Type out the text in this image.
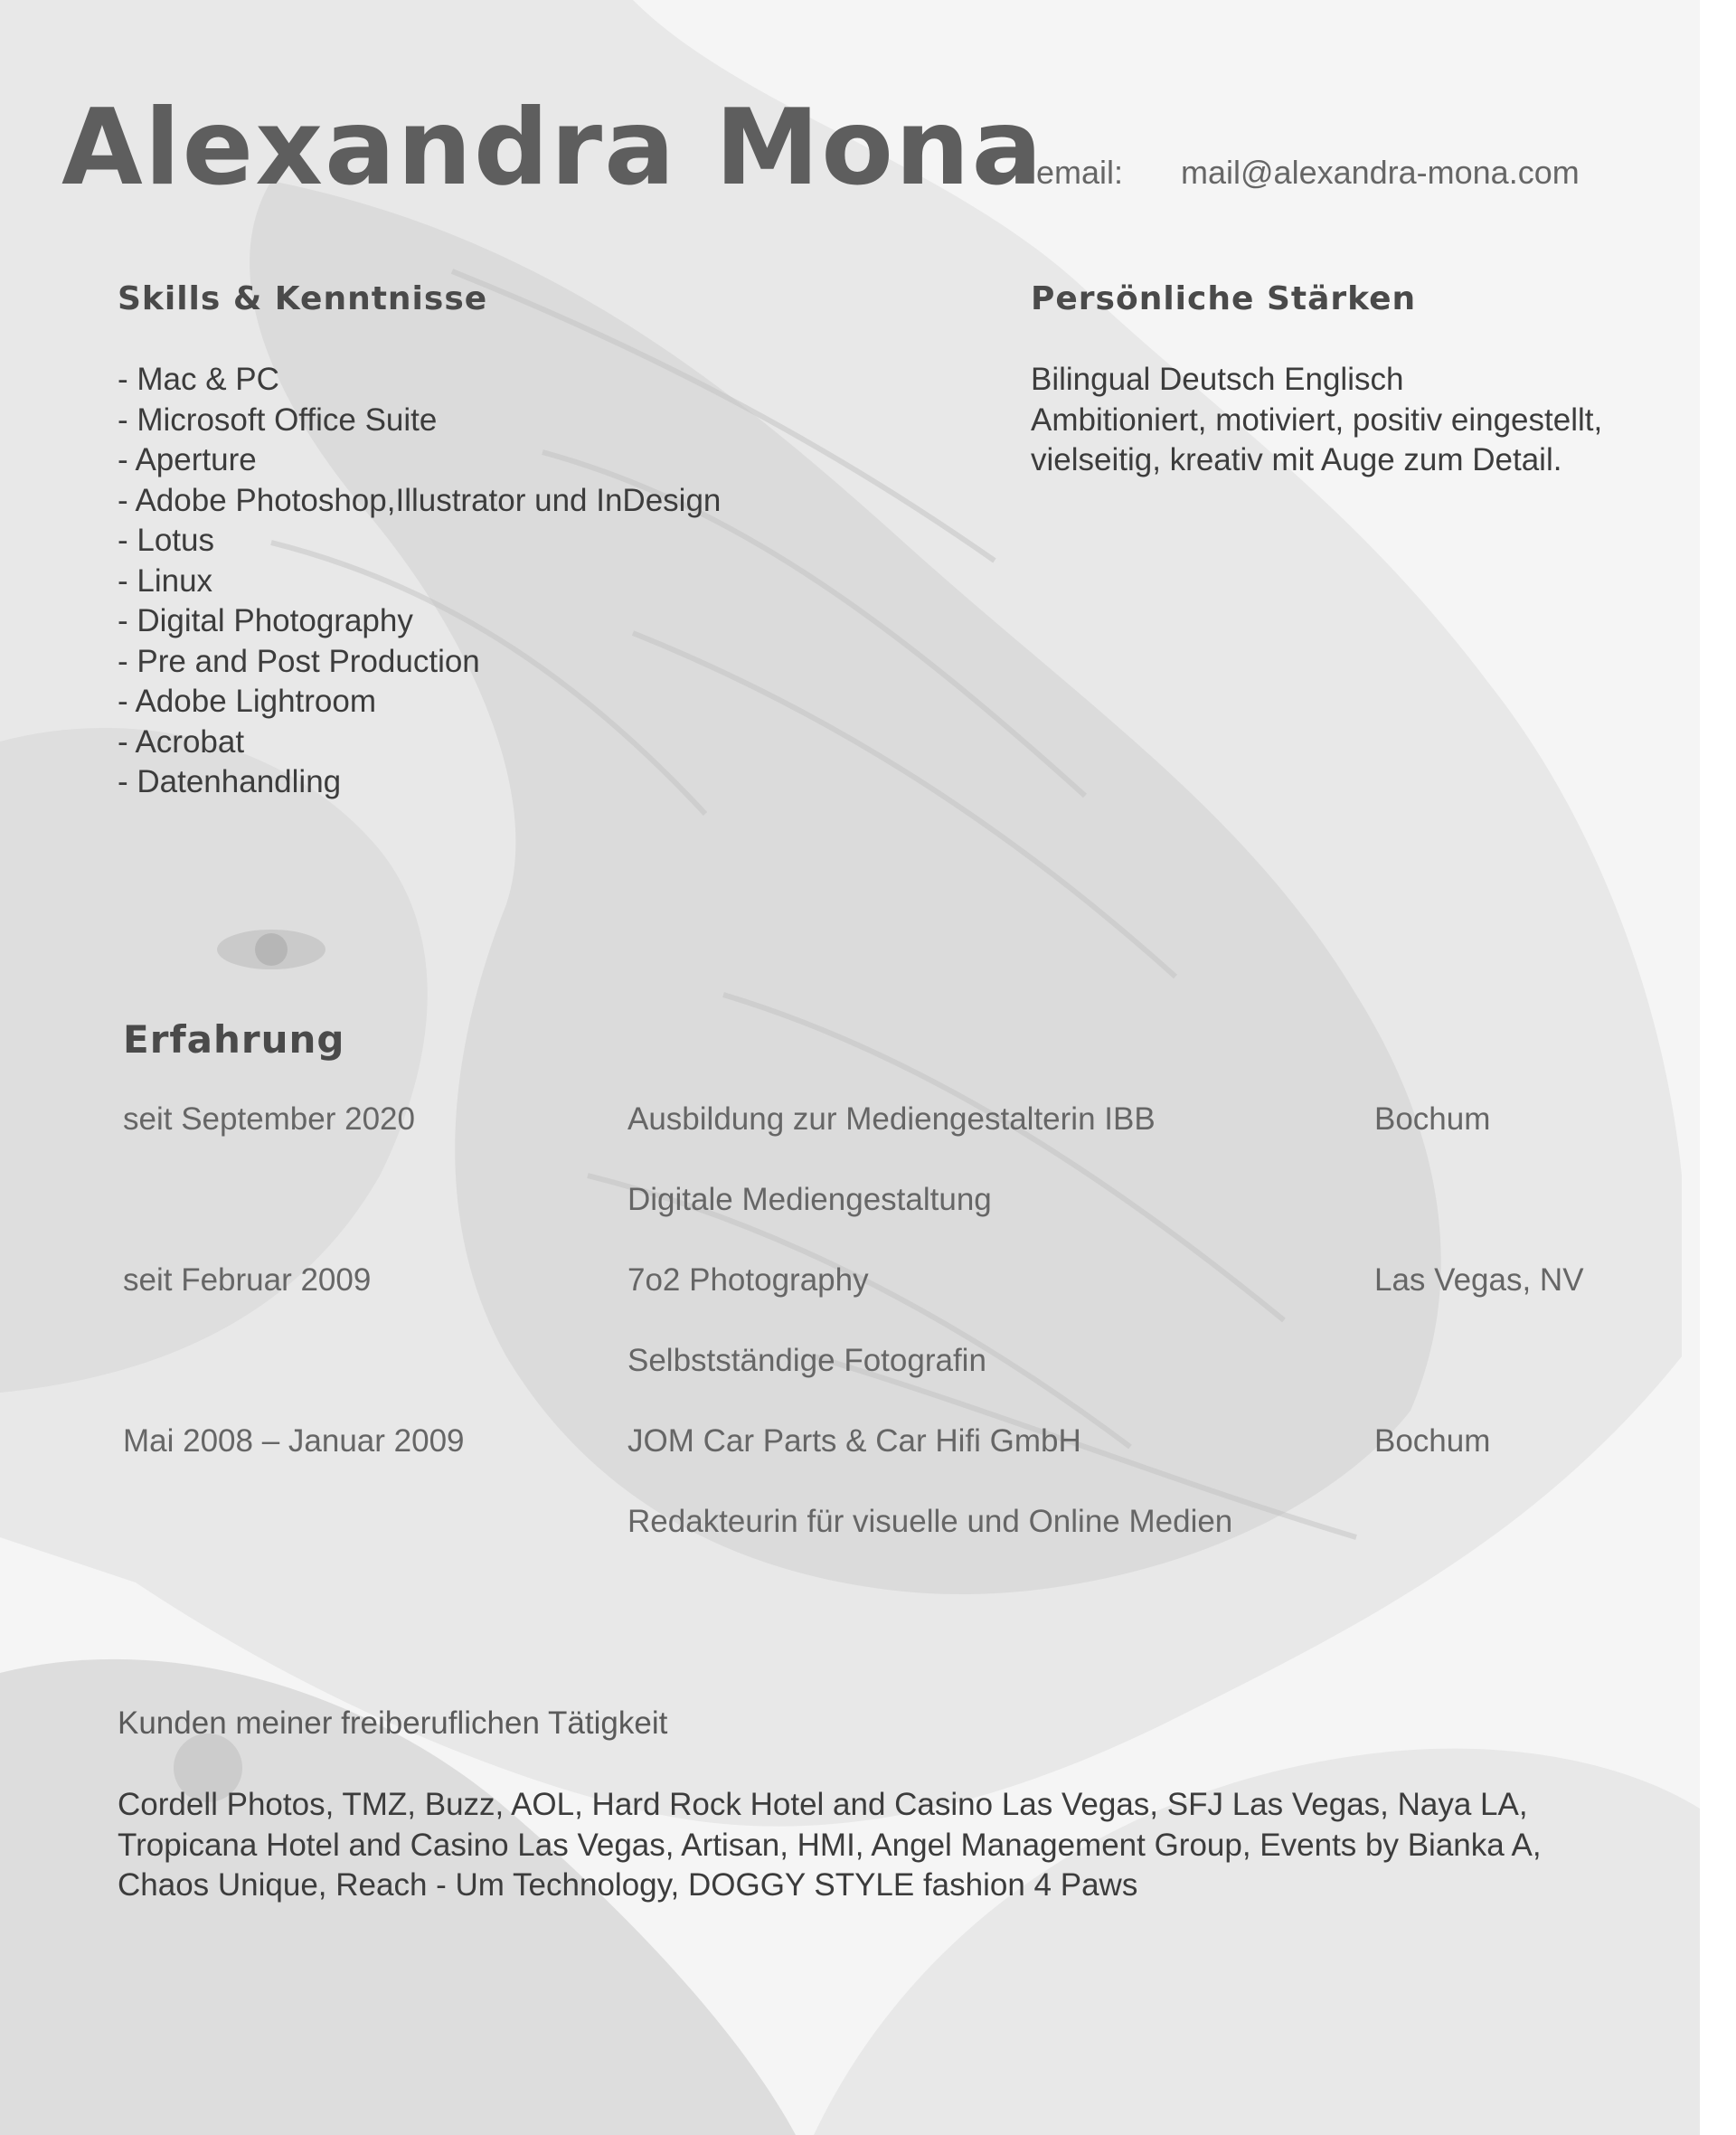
Alexandra Mona
email: mail@alexandra-mona.com
Skills & Kenntnisse
- Mac & PC
- Microsoft Office Suite
- Aperture
- Adobe Photoshop,Illustrator und InDesign
- Lotus
- Linux
- Digital Photography
- Pre and Post Production
- Adobe Lightroom
- Acrobat
- Datenhandling
Persönliche Stärken
Bilingual Deutsch Englisch
Ambitioniert, motiviert, positiv eingestellt,
vielseitig, kreativ mit Auge zum Detail.
Erfahrung
seit September 2020	Ausbildung zur Mediengestalterin IBB	Bochum
Digitale Mediengestaltung
seit Februar 2009	7o2 Photography	Las Vegas, NV
Selbstständige Fotografin
Mai 2008 – Januar 2009	JOM Car Parts & Car Hifi GmbH	Bochum
Redakteurin für visuelle und Online Medien
Kunden meiner freiberuflichen Tätigkeit
Cordell Photos, TMZ, Buzz, AOL, Hard Rock Hotel and Casino Las Vegas, SFJ Las Vegas, Naya LA,
Tropicana Hotel and Casino Las Vegas, Artisan, HMI, Angel Management Group, Events by Bianka A,
Chaos Unique, Reach - Um Technology, DOGGY STYLE fashion 4 Paws
